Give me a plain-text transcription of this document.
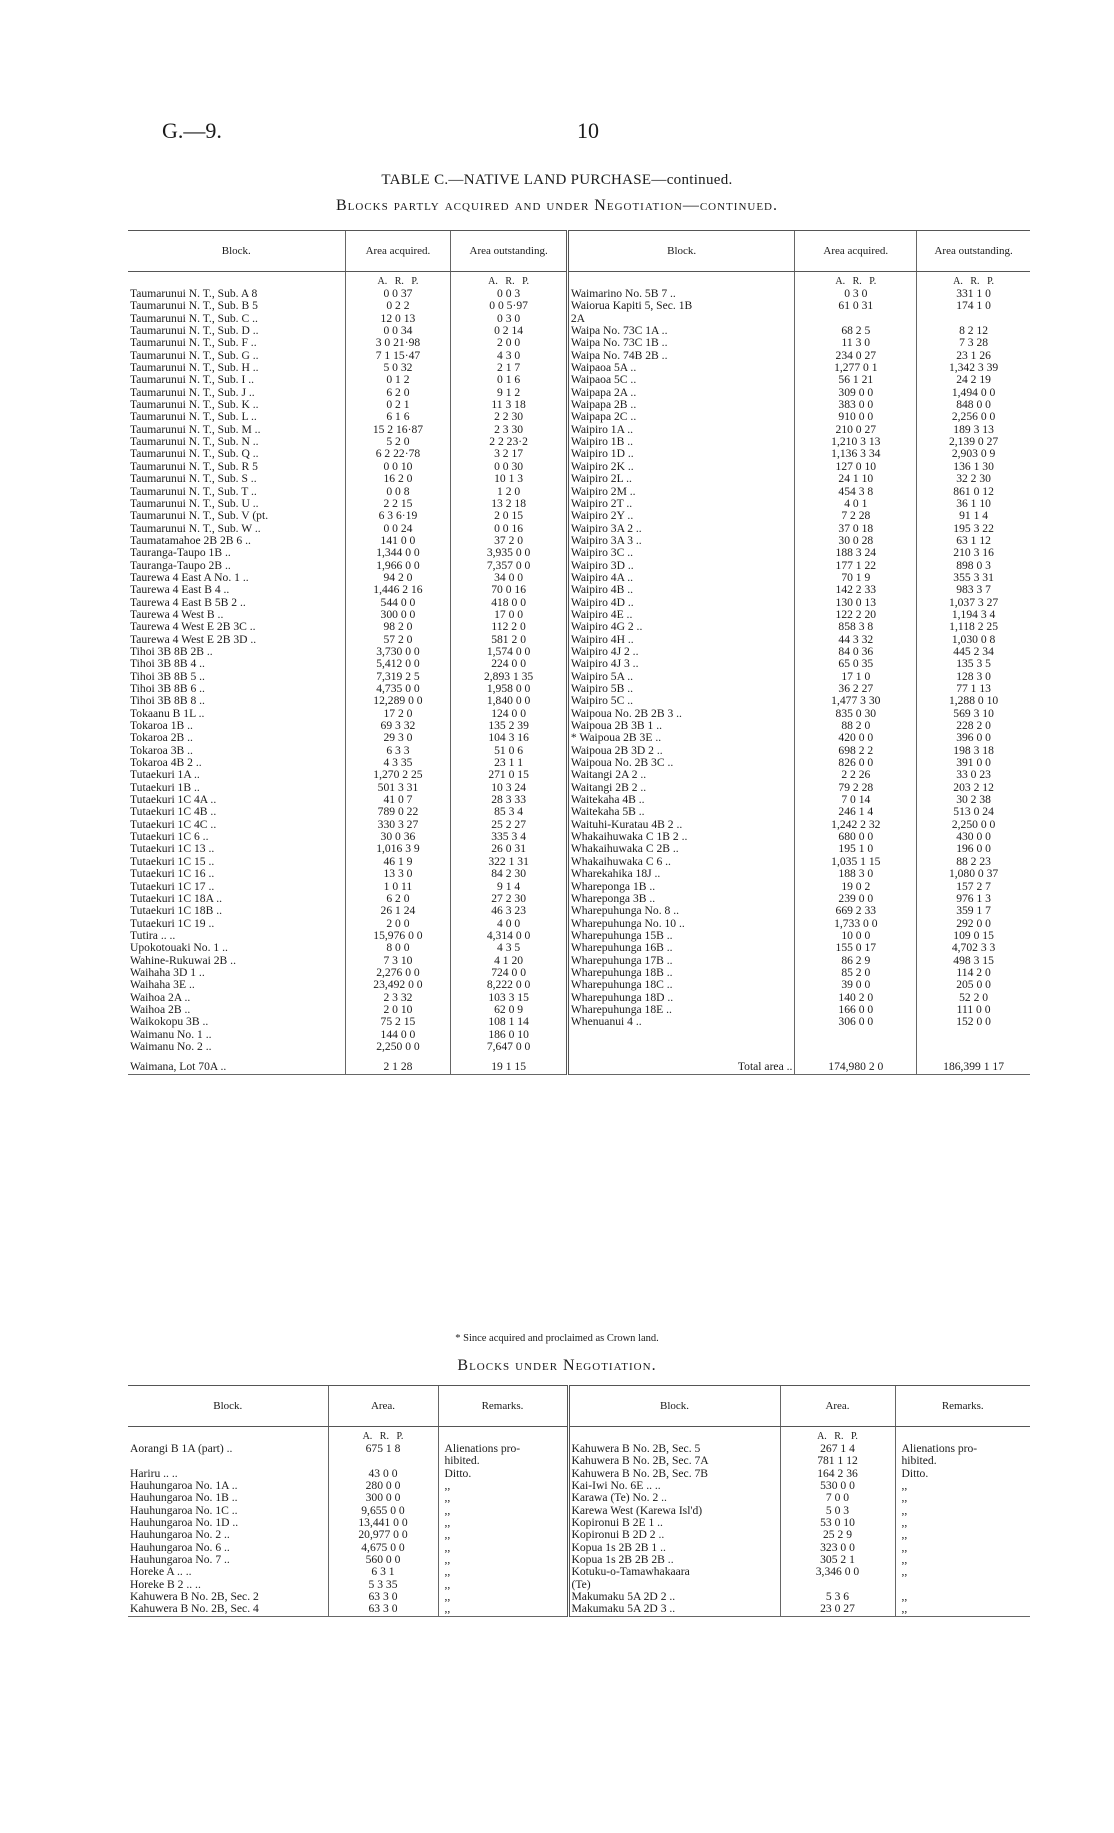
G.—9.	10
TABLE C.—NATIVE LAND PURCHASE—continued.
Blocks partly acquired and under Negotiation—continued.
Block.	Area acquired.	Area outstanding.	Block.	Area acquired.	Area outstanding.
	A. R. P.	A. R. P.		A. R. P.	A. R. P.
Taumarunui N. T., Sub. A 8	0 0 37	0 0 3	Waimarino No. 5B 7 ..	0 3 0	331 1 0
Taumarunui N. T., Sub. B 5	0 2 2	0 0 5·97	Waiorua Kapiti 5, Sec. 1B	61 0 31	174 1 0
Taumarunui N. T., Sub. C ..	12 0 13	0 3 0	2A		
Taumarunui N. T., Sub. D ..	0 0 34	0 2 14	Waipa No. 73C 1A ..	68 2 5	8 2 12
Taumarunui N. T., Sub. F ..	3 0 21·98	2 0 0	Waipa No. 73C 1B ..	11 3 0	7 3 28
Taumarunui N. T., Sub. G ..	7 1 15·47	4 3 0	Waipa No. 74B 2B ..	234 0 27	23 1 26
Taumarunui N. T., Sub. H ..	5 0 32	2 1 7	Waipaoa 5A ..	1,277 0 1	1,342 3 39
Taumarunui N. T., Sub. I ..	0 1 2	0 1 6	Waipaoa 5C ..	56 1 21	24 2 19
Taumarunui N. T., Sub. J ..	6 2 0	9 1 2	Waipapa 2A ..	309 0 0	1,494 0 0
Taumarunui N. T., Sub. K ..	0 2 1	11 3 18	Waipapa 2B ..	383 0 0	848 0 0
Taumarunui N. T., Sub. L ..	6 1 6	2 2 30	Waipapa 2C ..	910 0 0	2,256 0 0
Taumarunui N. T., Sub. M ..	15 2 16·87	2 3 30	Waipiro 1A ..	210 0 27	189 3 13
Taumarunui N. T., Sub. N ..	5 2 0	2 2 23·2	Waipiro 1B ..	1,210 3 13	2,139 0 27
Taumarunui N. T., Sub. Q ..	6 2 22·78	3 2 17	Waipiro 1D ..	1,136 3 34	2,903 0 9
Taumarunui N. T., Sub. R 5	0 0 10	0 0 30	Waipiro 2K ..	127 0 10	136 1 30
Taumarunui N. T., Sub. S ..	16 2 0	10 1 3	Waipiro 2L ..	24 1 10	32 2 30
Taumarunui N. T., Sub. T ..	0 0 8	1 2 0	Waipiro 2M ..	454 3 8	861 0 12
Taumarunui N. T., Sub. U ..	2 2 15	13 2 18	Waipiro 2T ..	4 0 1	36 1 10
Taumarunui N. T., Sub. V (pt.	6 3 6·19	2 0 15	Waipiro 2Y ..	7 2 28	91 1 4
Taumarunui N. T., Sub. W ..	0 0 24	0 0 16	Waipiro 3A 2 ..	37 0 18	195 3 22
Taumatamahoe 2B 2B 6 ..	141 0 0	37 2 0	Waipiro 3A 3 ..	30 0 28	63 1 12
Tauranga-Taupo 1B ..	1,344 0 0	3,935 0 0	Waipiro 3C ..	188 3 24	210 3 16
Tauranga-Taupo 2B ..	1,966 0 0	7,357 0 0	Waipiro 3D ..	177 1 22	898 0 3
Taurewa 4 East A No. 1 ..	94 2 0	34 0 0	Waipiro 4A ..	70 1 9	355 3 31
Taurewa 4 East B 4 ..	1,446 2 16	70 0 16	Waipiro 4B ..	142 2 33	983 3 7
Taurewa 4 East B 5B 2 ..	544 0 0	418 0 0	Waipiro 4D ..	130 0 13	1,037 3 27
Taurewa 4 West B ..	300 0 0	17 0 0	Waipiro 4E ..	122 2 20	1,194 3 4
Taurewa 4 West E 2B 3C ..	98 2 0	112 2 0	Waipiro 4G 2 ..	858 3 8	1,118 2 25
Taurewa 4 West E 2B 3D ..	57 2 0	581 2 0	Waipiro 4H ..	44 3 32	1,030 0 8
Tihoi 3B 8B 2B ..	3,730 0 0	1,574 0 0	Waipiro 4J 2 ..	84 0 36	445 2 34
Tihoi 3B 8B 4 ..	5,412 0 0	224 0 0	Waipiro 4J 3 ..	65 0 35	135 3 5
Tihoi 3B 8B 5 ..	7,319 2 5	2,893 1 35	Waipiro 5A ..	17 1 0	128 3 0
Tihoi 3B 8B 6 ..	4,735 0 0	1,958 0 0	Waipiro 5B ..	36 2 27	77 1 13
Tihoi 3B 8B 8 ..	12,289 0 0	1,840 0 0	Waipiro 5C ..	1,477 3 30	1,288 0 10
Tokaanu B 1L ..	17 2 0	124 0 0	Waipoua No. 2B 2B 3 ..	835 0 30	569 3 10
Tokaroa 1B ..	69 3 32	135 2 39	Waipoua 2B 3B 1 ..	88 2 0	228 2 0
Tokaroa 2B ..	29 3 0	104 3 16	* Waipoua 2B 3E ..	420 0 0	396 0 0
Tokaroa 3B ..	6 3 3	51 0 6	Waipoua 2B 3D 2 ..	698 2 2	198 3 18
Tokaroa 4B 2 ..	4 3 35	23 1 1	Waipoua No. 2B 3C ..	826 0 0	391 0 0
Tutaekuri 1A ..	1,270 2 25	271 0 15	Waitangi 2A 2 ..	2 2 26	33 0 23
Tutaekuri 1B ..	501 3 31	10 3 24	Waitangi 2B 2 ..	79 2 28	203 2 12
Tutaekuri 1C 4A ..	41 0 7	28 3 33	Waitekaha 4B ..	7 0 14	30 2 38
Tutaekuri 1C 4B ..	789 0 22	85 3 4	Waitekaha 5B ..	246 1 4	513 0 24
Tutaekuri 1C 4C ..	330 3 27	25 2 27	Waituhi-Kuratau 4B 2 ..	1,242 2 32	2,250 0 0
Tutaekuri 1C 6 ..	30 0 36	335 3 4	Whakaihuwaka C 1B 2 ..	680 0 0	430 0 0
Tutaekuri 1C 13 ..	1,016 3 9	26 0 31	Whakaihuwaka C 2B ..	195 1 0	196 0 0
Tutaekuri 1C 15 ..	46 1 9	322 1 31	Whakaihuwaka C 6 ..	1,035 1 15	88 2 23
Tutaekuri 1C 16 ..	13 3 0	84 2 30	Wharekahika 18J ..	188 3 0	1,080 0 37
Tutaekuri 1C 17 ..	1 0 11	9 1 4	Whareponga 1B ..	19 0 2	157 2 7
Tutaekuri 1C 18A ..	6 2 0	27 2 30	Whareponga 3B ..	239 0 0	976 1 3
Tutaekuri 1C 18B ..	26 1 24	46 3 23	Wharepuhunga No. 8 ..	669 2 33	359 1 7
Tutaekuri 1C 19 ..	2 0 0	4 0 0	Wharepuhunga No. 10 ..	1,733 0 0	292 0 0
Tutira .. ..	15,976 0 0	4,314 0 0	Wharepuhunga 15B ..	10 0 0	109 0 15
Upokotouaki No. 1 ..	8 0 0	4 3 5	Wharepuhunga 16B ..	155 0 17	4,702 3 3
Wahine-Rukuwai 2B ..	7 3 10	4 1 20	Wharepuhunga 17B ..	86 2 9	498 3 15
Waihaha 3D 1 ..	2,276 0 0	724 0 0	Wharepuhunga 18B ..	85 2 0	114 2 0
Waihaha 3E ..	23,492 0 0	8,222 0 0	Wharepuhunga 18C ..	39 0 0	205 0 0
Waihoa 2A ..	2 3 32	103 3 15	Wharepuhunga 18D ..	140 2 0	52 2 0
Waihoa 2B ..	2 0 10	62 0 9	Wharepuhunga 18E ..	166 0 0	111 0 0
Waikokopu 3B ..	75 2 15	108 1 14	Whenuanui 4 ..	306 0 0	152 0 0
Waimanu No. 1 ..	144 0 0	186 0 10			
Waimanu No. 2 ..	2,250 0 0	7,647 0 0			
Waimana, Lot 70A ..	2 1 28	19 1 15	Total area ..	174,980 2 0	186,399 1 17
* Since acquired and proclaimed as Crown land.
Blocks under Negotiation.
Block.	Area.	Remarks.	Block.	Area.	Remarks.
	A. R. P.			A. R. P.	
Aorangi B 1A (part) ..	675 1 8	Alienations pro-	Kahuwera B No. 2B, Sec. 5	267 1 4	Alienations pro-
		hibited.	Kahuwera B No. 2B, Sec. 7A	781 1 12	hibited.
Hariru .. ..	43 0 0	Ditto.	Kahuwera B No. 2B, Sec. 7B	164 2 36	Ditto.
Hauhungaroa No. 1A ..	280 0 0	,,	Kai-Iwi No. 6E .. ..	530 0 0	,,
Hauhungaroa No. 1B ..	300 0 0	,,	Karawa (Te) No. 2 ..	7 0 0	,,
Hauhungaroa No. 1C ..	9,655 0 0	,,	Karewa West (Karewa Isl'd)	5 0 3	,,
Hauhungaroa No. 1D ..	13,441 0 0	,,	Kopironui B 2E 1 ..	53 0 10	,,
Hauhungaroa No. 2 ..	20,977 0 0	,,	Kopironui B 2D 2 ..	25 2 9	,,
Hauhungaroa No. 6 ..	4,675 0 0	,,	Kopua 1s 2B 2B 1 ..	323 0 0	,,
Hauhungaroa No. 7 ..	560 0 0	,,	Kopua 1s 2B 2B 2B ..	305 2 1	,,
Horeke A .. ..	6 3 1	,,	Kotuku-o-Tamawhakaara	3,346 0 0	,,
Horeke B 2 .. ..	5 3 35	,,	(Te)		
Kahuwera B No. 2B, Sec. 2	63 3 0	,,	Makumaku 5A 2D 2 ..	5 3 6	,,
Kahuwera B No. 2B, Sec. 4	63 3 0	,,	Makumaku 5A 2D 3 ..	23 0 27	,,
